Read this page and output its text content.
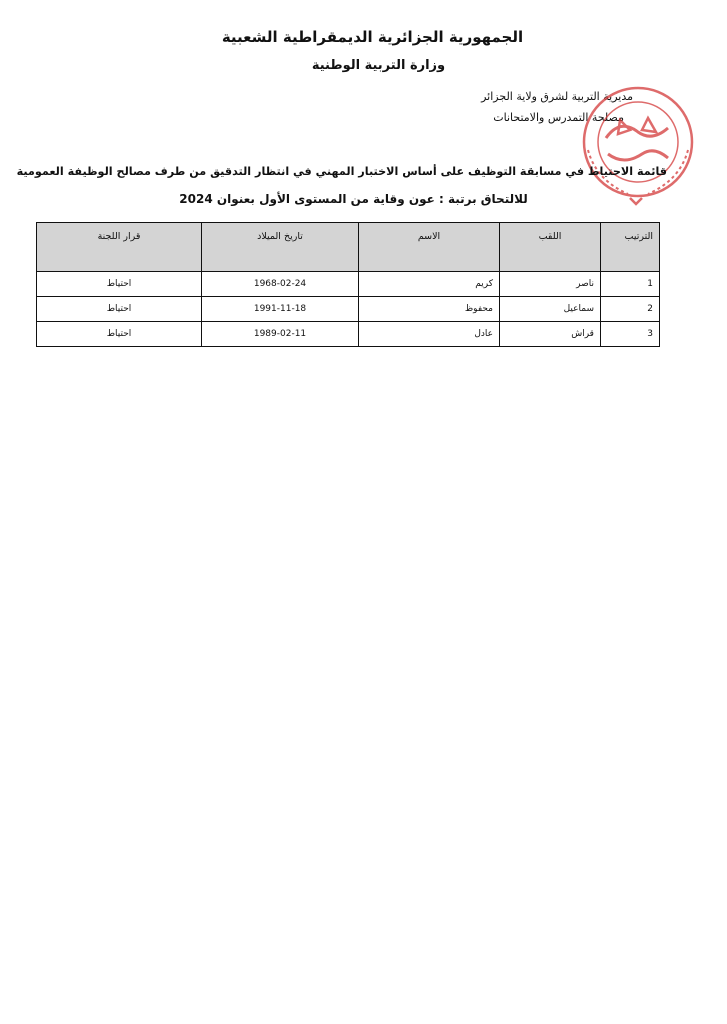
الجمهورية الجزائرية الديمقراطية الشعبية
وزارة التربية الوطنية
مديرية التربية لشرق ولاية الجزائر
مصلحة التمدرس والامتحانات
قائمة الاحتياط في مسابقة التوظيف على أساس الاختبار المهني في انتظار التدقيق من طرف مصالح الوظيفة العمومية
للالتحاق برتبة : عون وقاية من المستوى الأول بعنوان 2024
الترتيب	اللقب	الاسم	تاريخ الميلاد	قرار اللجنة
1	ناصر	كريم	1968-02-24	احتياط
2	سماعيل	محفوظ	1991-11-18	احتياط
3	قراش	عادل	1989-02-11	احتياط
